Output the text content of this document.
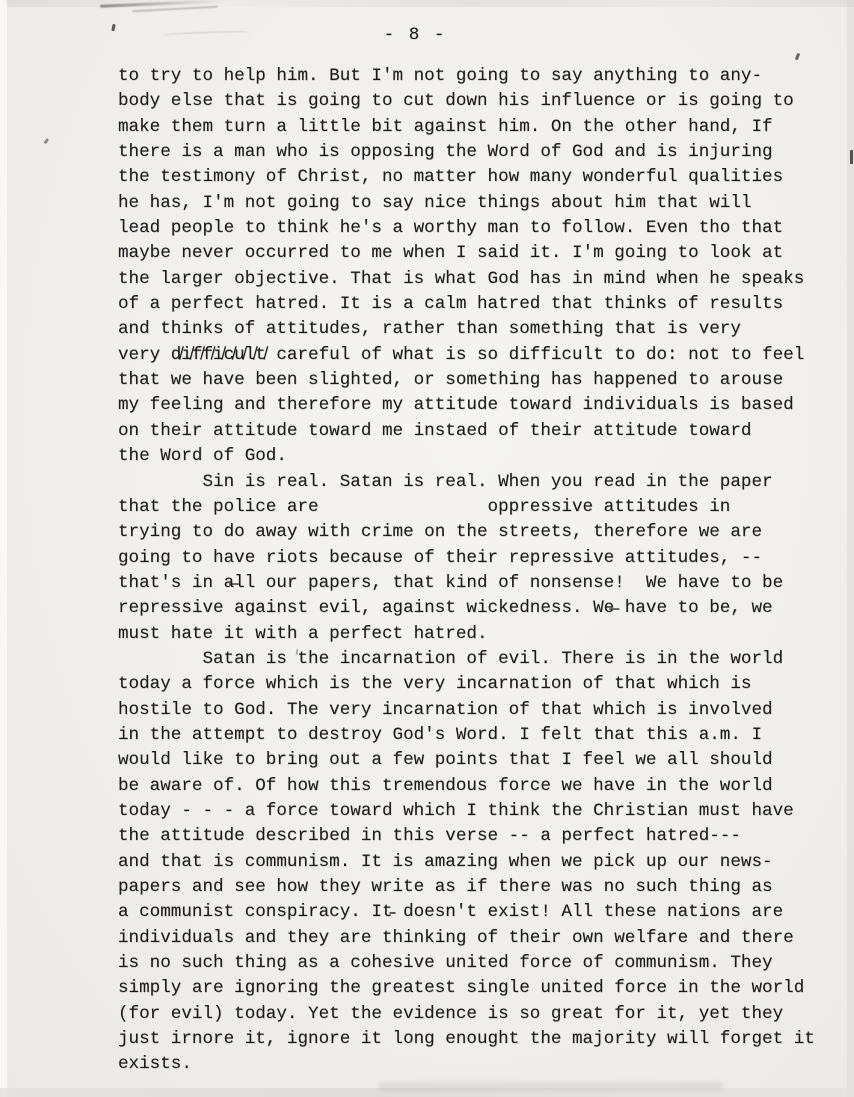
- 8 -
to try to help him. But I'm not going to say anything to any-
body else that is going to cut down his influence or is going to
make them turn a little bit against him. On the other hand, If
there is a man who is opposing the Word of God and is injuring
the testimony of Christ, no matter how many wonderful qualities
he has, I'm not going to say nice things about him that will
lead people to think he's a worthy man to follow. Even tho that
maybe never occurred to me when I said it. I'm going to look at
the larger objective. That is what God has in mind when he speaks
of a perfect hatred. It is a calm hatred that thinks of results
and thinks of attitudes, rather than something that is very
very d̸i̸f̸f̸i̸c̸u̸l̸t̸ careful of what is so difficult to do: not to feel
that we have been slighted, or something has happened to arouse
my feeling and therefore my attitude toward individuals is based
on their attitude toward me instaed of their attitude toward
the Word of God.
Sin is real. Satan is real. When you read in the paper
that the police are                oppressive attitudes in
trying to do away with crime on the streets, therefore we are
going to have riots because of their repressive attitudes, --
that's in a̶ll our papers, that kind of nonsense!  We have to be
repressive against evil, against wickedness. We̶ have to be, we
must hate it with a perfect hatred.
Satan is the incarnation of evil. There is in the world
today a force which is the very incarnation of that which is
hostile to God. The very incarnation of that which is involved
in the attempt to destroy God's Word. I felt that this a.m. I
would like to bring out a few points that I feel we all should
be aware of. Of how this tremendous force we have in the world
today - - - a force toward which I think the Christian must have
the attitude described in this verse -- a perfect hatred---
and that is communism. It is amazing when we pick up our news-
papers and see how they write as if there was no such thing as
a communist conspiracy. It̵ doesn't exist! All these nations are
individuals and they are thinking of their own welfare and there
is no such thing as a cohesive united force of communism. They
simply are ignoring the greatest single united force in the world
(for evil) today. Yet the evidence is so great for it, yet they
just irnore it, ignore it long enought the majority will forget it
exists.
